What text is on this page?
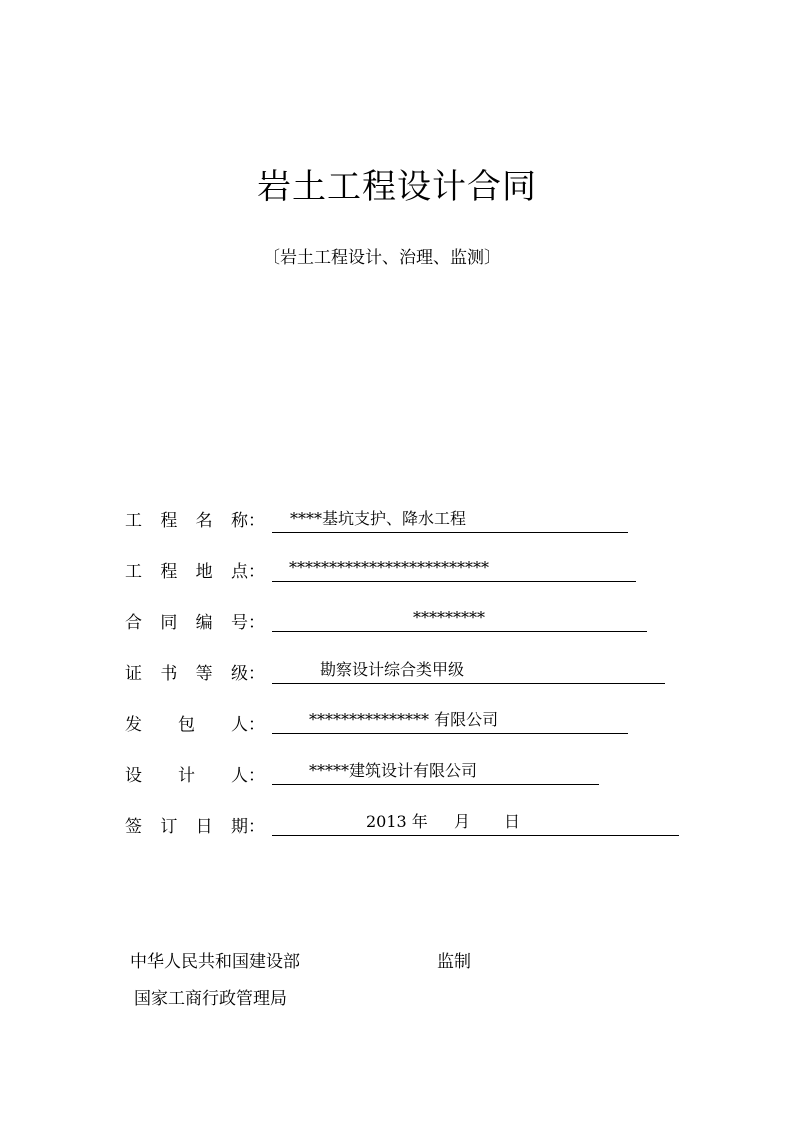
岩土工程设计合同
〔岩土工程设计、治理、监测〕
工 程 名 称： ****基坑支护、降水工程
工 程 地 点： *************************
合 同 编 号：	*********
证 书 等 级：	勘察设计综合类甲级
发 包 人：	*************** 有限公司
设 计 人：	*****建筑设计有限公司
签 订 日 期：	2013 年 月 日
中华人民共和国建设部	监制
国家工商行政管理局
